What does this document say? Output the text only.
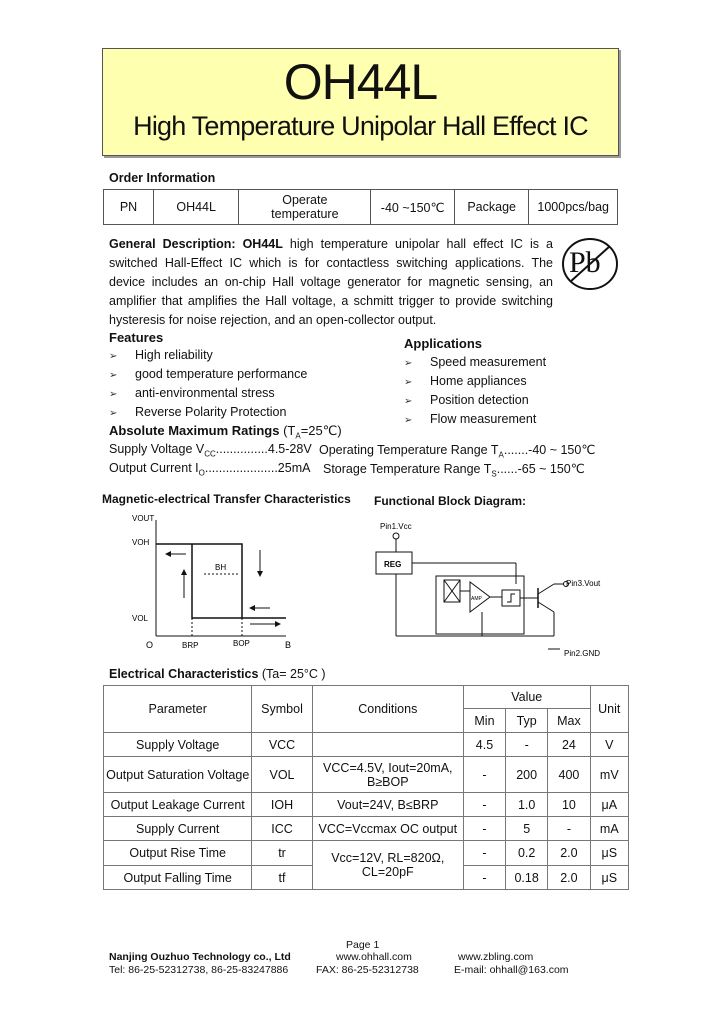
OH44L
High Temperature Unipolar Hall Effect IC
Order Information
PN	OH44L	Operate temperature	-40 ~150℃	Package	1000pcs/bag
General Description: OH44L high temperature unipolar hall effect IC is a switched Hall-Effect IC which is for contactless switching applications. The device includes an on-chip Hall voltage generator for magnetic sensing, an amplifier that amplifies the Hall voltage, a schmitt trigger to provide switching hysteresis for noise rejection, and an open-collector output.
Pb
Features
➢ High reliability
➢ good temperature performance
➢ anti-environmental stress
➢ Reverse Polarity Protection
Applications
➢ Speed measurement
➢ Home appliances
➢ Position detection
➢ Flow measurement
Absolute Maximum Ratings $(T_A=25℃)$
Supply Voltage $V_{CC}...............4.5-28V$
Output Current $I_O.....................25mA$
Operating Temperature Range $T_A.......-40$ ~ 150℃
Storage Temperature Range $T_S......-65$ ~ 150℃
Magnetic-electrical Transfer Characteristics
VOUT
VOH
VOL
O	BRP	BOP	B
BH
Functional Block Diagram:
Pin1.Vcc
REG
AMP
Pin3.Vout
Pin2.GND
Electrical Characteristics (Ta= 25°C )
Parameter	Symbol	Conditions	Value			Unit
			Min	Typ	Max	
Supply Voltage	VCC		4.5	-	24	V
Output Saturation Voltage	VOL	VCC=4.5V, Iout=20mA, B≥BOP	-	200	400	mV
Output Leakage Current	IOH	Vout=24V, B≤BRP	-	1.0	10	μA
Supply Current	ICC	VCC=Vccmax OC output	-	5	-	mA
Output Rise Time	tr	Vcc=12V, RL=820Ω, CL=20pF	-	0.2	2.0	μS
Output Falling Time	tf		-	0.18	2.0	μS
Page 1
Nanjing Ouzhuo Technology co., Ltd	www.ohhall.com	www.zbling.com
Tel: 86-25-52312738, 86-25-83247886	FAX: 86-25-52312738	E-mail: ohhall@163.com
